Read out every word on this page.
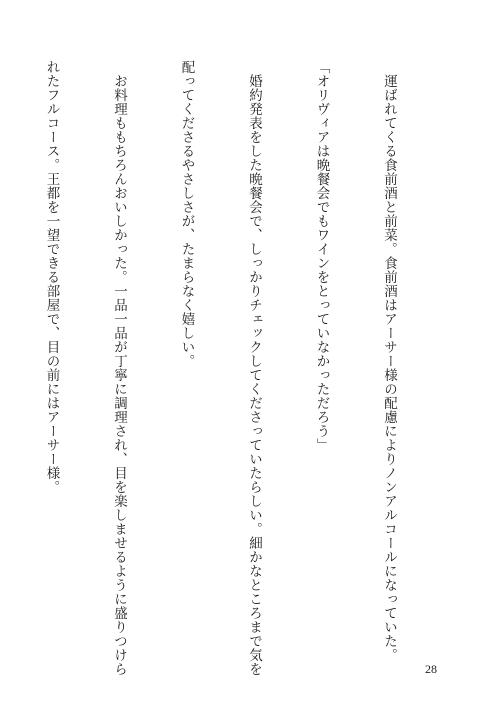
　運ばれてくる食前酒と前菜。食前酒はアーサー様の配慮によりノンアルコールになっていた。

「オリヴィアは晩餐会でもワインをとっていなかっただろう」

　婚約発表をした晩餐会で、しっかりチェックしてくださっていたらしい。細かなところまで気を

配ってくださるやさしさが、たまらなく嬉しい。

　お料理ももちろんおいしかった。一品一品が丁寧に調理され、目を楽しませるように盛りつけら

れたフルコース。王都を一望できる部屋で、目の前にはアーサー様。

28
